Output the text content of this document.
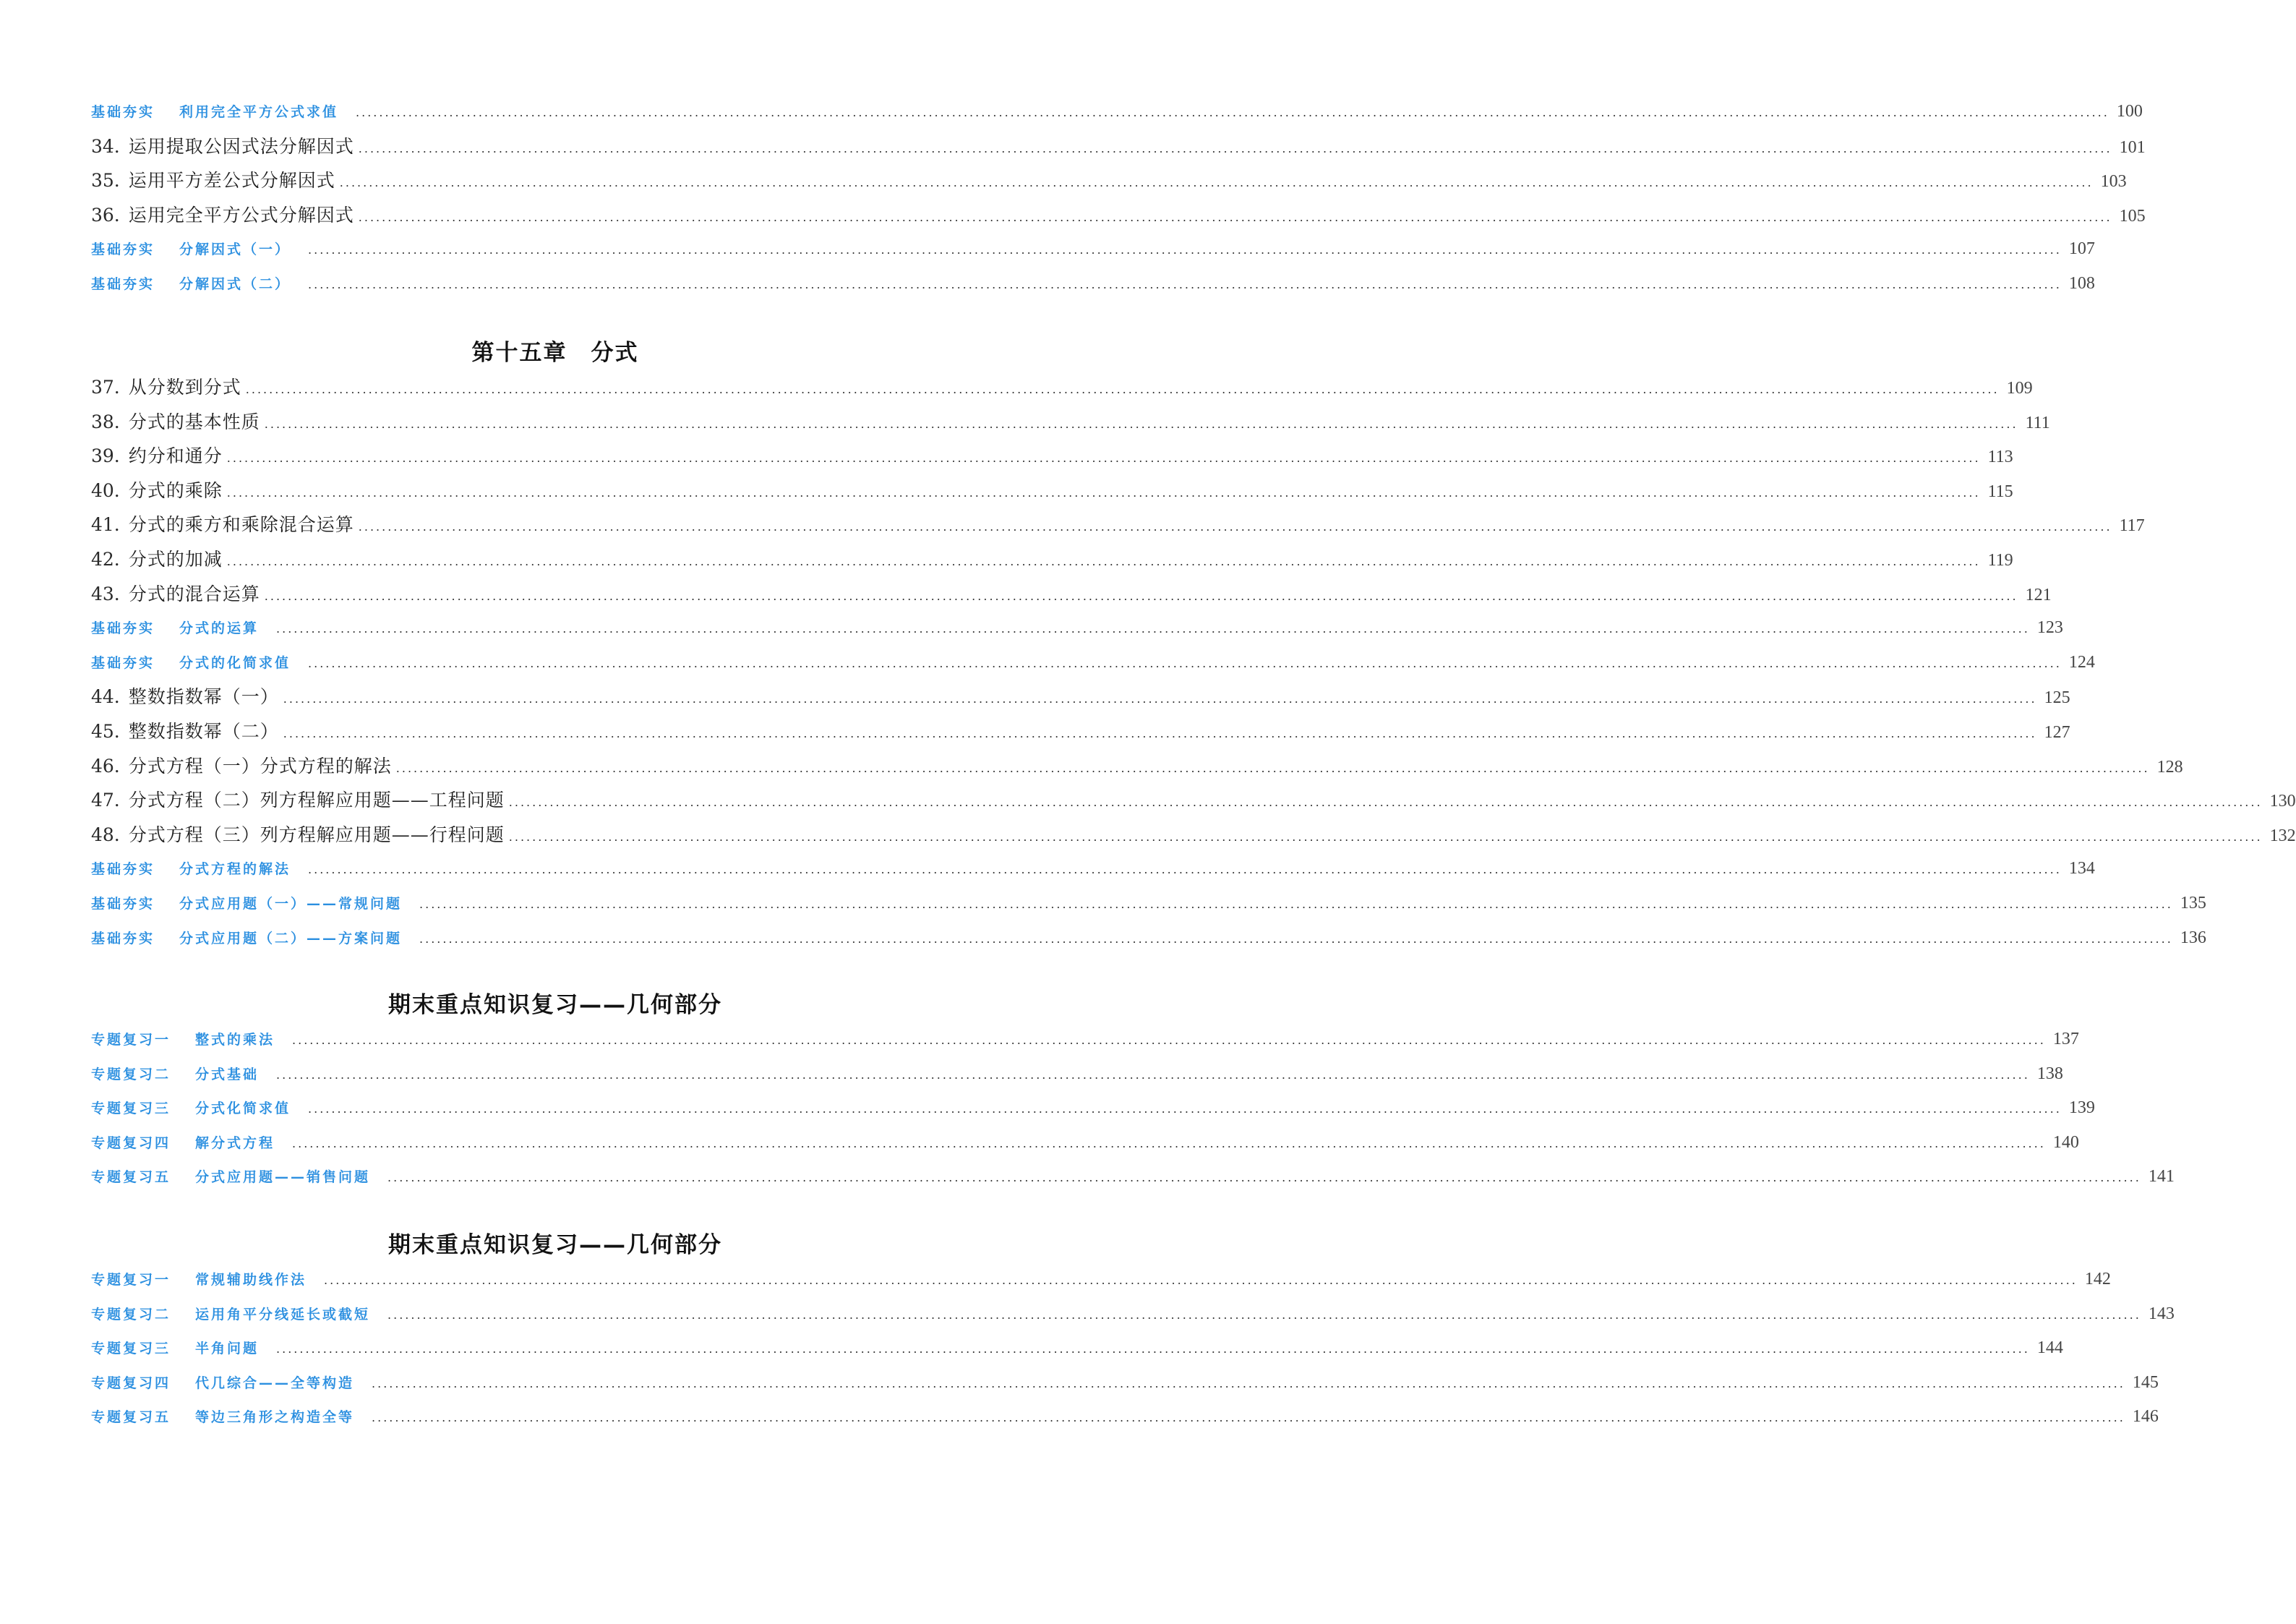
基础夯实 利用完全平方公式求值 ............................................................................................................................................................................................................................................................................................................ 100
34. 运用提取公因式法分解因式 ............................................................................................................................................................................................................................................................................................................ 101
35. 运用平方差公式分解因式 ............................................................................................................................................................................................................................................................................................................ 103
36. 运用完全平方公式分解因式 ............................................................................................................................................................................................................................................................................................................ 105
基础夯实 分解因式（一） ............................................................................................................................................................................................................................................................................................................ 107
基础夯实 分解因式（二） ............................................................................................................................................................................................................................................................................................................ 108
第十五章　分式
37. 从分数到分式 ............................................................................................................................................................................................................................................................................................................ 109
38. 分式的基本性质 ............................................................................................................................................................................................................................................................................................................ 111
39. 约分和通分 ............................................................................................................................................................................................................................................................................................................ 113
40. 分式的乘除 ............................................................................................................................................................................................................................................................................................................ 115
41. 分式的乘方和乘除混合运算 ............................................................................................................................................................................................................................................................................................................ 117
42. 分式的加减 ............................................................................................................................................................................................................................................................................................................ 119
43. 分式的混合运算 ............................................................................................................................................................................................................................................................................................................ 121
基础夯实 分式的运算 ............................................................................................................................................................................................................................................................................................................ 123
基础夯实 分式的化简求值 ............................................................................................................................................................................................................................................................................................................ 124
44. 整数指数幂（一） ............................................................................................................................................................................................................................................................................................................ 125
45. 整数指数幂（二） ............................................................................................................................................................................................................................................................................................................ 127
46. 分式方程（一）分式方程的解法 ............................................................................................................................................................................................................................................................................................................ 128
47. 分式方程（二）列方程解应用题——工程问题 ............................................................................................................................................................................................................................................................................................................ 130
48. 分式方程（三）列方程解应用题——行程问题 ............................................................................................................................................................................................................................................................................................................ 132
基础夯实 分式方程的解法 ............................................................................................................................................................................................................................................................................................................ 134
基础夯实 分式应用题（一）——常规问题 ............................................................................................................................................................................................................................................................................................................ 135
基础夯实 分式应用题（二）——方案问题 ............................................................................................................................................................................................................................................................................................................ 136
期末重点知识复习——几何部分
专题复习一 整式的乘法 ............................................................................................................................................................................................................................................................................................................ 137
专题复习二 分式基础 ............................................................................................................................................................................................................................................................................................................ 138
专题复习三 分式化简求值 ............................................................................................................................................................................................................................................................................................................ 139
专题复习四 解分式方程 ............................................................................................................................................................................................................................................................................................................ 140
专题复习五 分式应用题——销售问题 ............................................................................................................................................................................................................................................................................................................ 141
期末重点知识复习——几何部分
专题复习一 常规辅助线作法 ............................................................................................................................................................................................................................................................................................................ 142
专题复习二 运用角平分线延长或截短 ............................................................................................................................................................................................................................................................................................................ 143
专题复习三 半角问题 ............................................................................................................................................................................................................................................................................................................ 144
专题复习四 代几综合——全等构造 ............................................................................................................................................................................................................................................................................................................ 145
专题复习五 等边三角形之构造全等 ............................................................................................................................................................................................................................................................................................................ 146
